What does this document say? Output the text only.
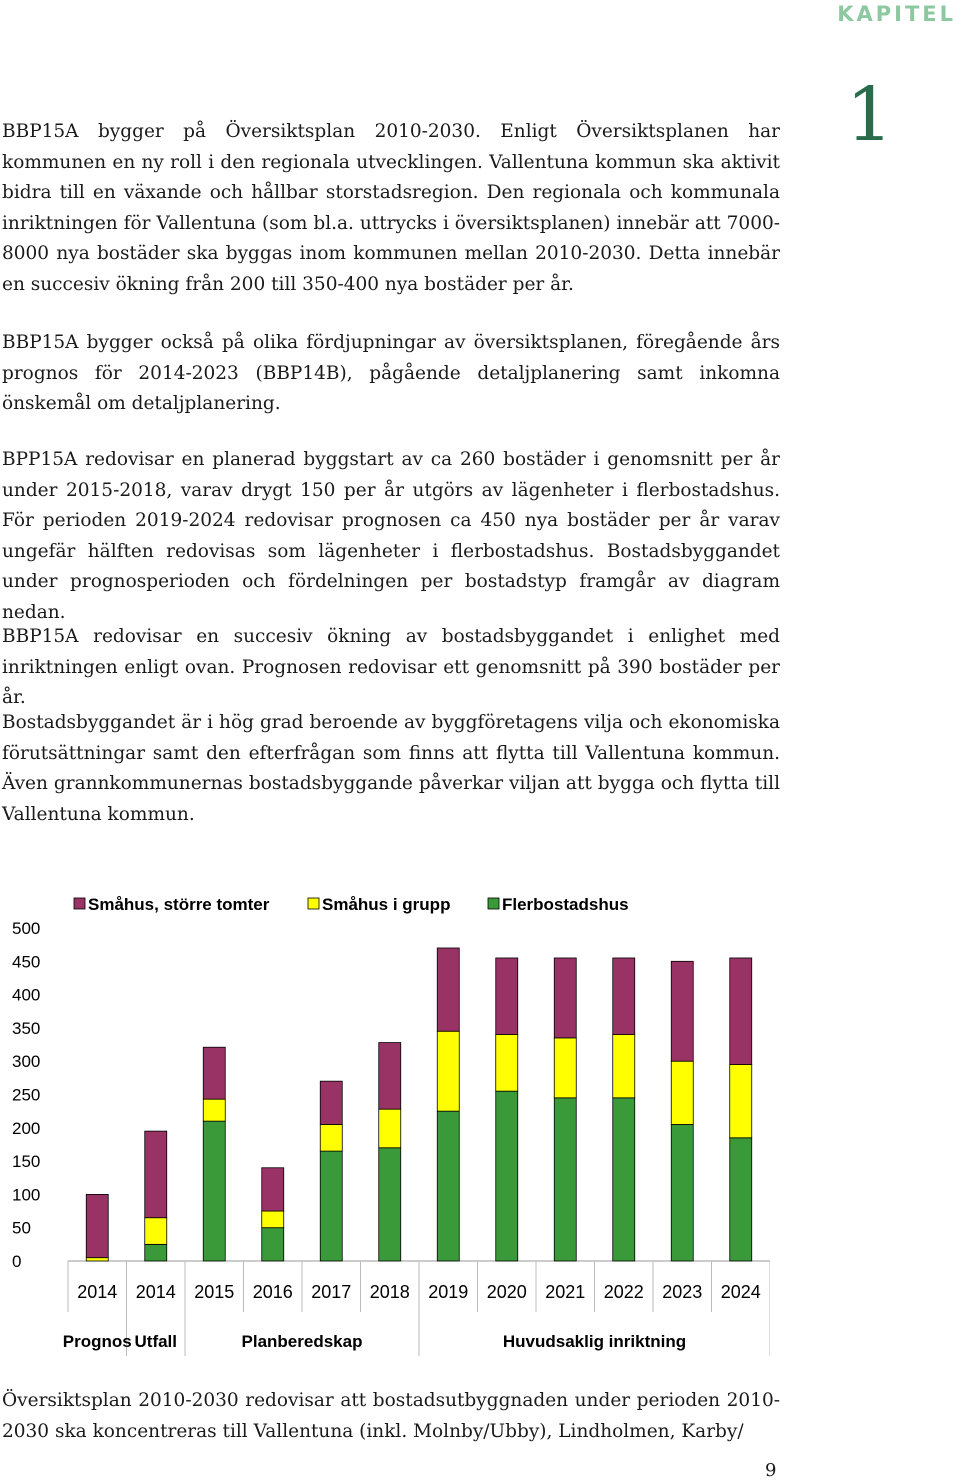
KAPITEL
1

BBP15A bygger på Översiktsplan 2010-2030. Enligt Översiktsplanen har kommunen en ny roll i den regionala utvecklingen. Vallentuna kommun ska aktivit bidra till en växande och hållbar storstadsregion. Den regionala och kommunala inriktningen för Vallentuna (som bl.a. uttrycks i översiktsplanen) innebär att 7000-8000 nya bostäder ska byggas inom kommunen mellan 2010-2030. Detta innebär en succesiv ökning från 200 till 350-400 nya bostäder per år.

BBP15A bygger också på olika fördjupningar av översiktsplanen, föregående års prognos för 2014-2023 (BBP14B), pågående detaljplanering samt inkomna önskemål om detaljplanering.

BPP15A redovisar en planerad byggstart av ca 260 bostäder i genomsnitt per år under 2015-2018, varav drygt 150 per år utgörs av lägenheter i flerbostadshus. För perioden 2019-2024 redovisar prognosen ca 450 nya bostäder per år varav ungefär hälften redovisas som lägenheter i flerbostadshus. Bostadsbyggandet under prognosperioden och fördelningen per bostadstyp framgår av diagram nedan.

BBP15A redovisar en succesiv ökning av bostadsbyggandet i enlighet med inriktningen enligt ovan. Prognosen redovisar ett genomsnitt på 390 bostäder per år.

Bostadsbyggandet är i hög grad beroende av byggföretagens vilja och ekonomiska förutsättningar samt den efterfrågan som finns att flytta till Vallentuna kommun. Även grannkommunernas bostadsbyggande påverkar viljan att bygga och flytta till Vallentuna kommun.

0
50
100
150
200
250
300
350
400
450
500
Småhus, större tomter	Småhus i grupp	Flerbostadshus
2014 2014 2015 2016 2017 2018 2019 2020 2021 2022 2023 2024
Prognos Utfall	Planberedskap	Huvudsaklig inriktning

Översiktsplan 2010-2030 redovisar att bostadsutbyggnaden under perioden 2010-2030 ska koncentreras till Vallentuna (inkl. Molnby/Ubby), Lindholmen, Karby/

9
